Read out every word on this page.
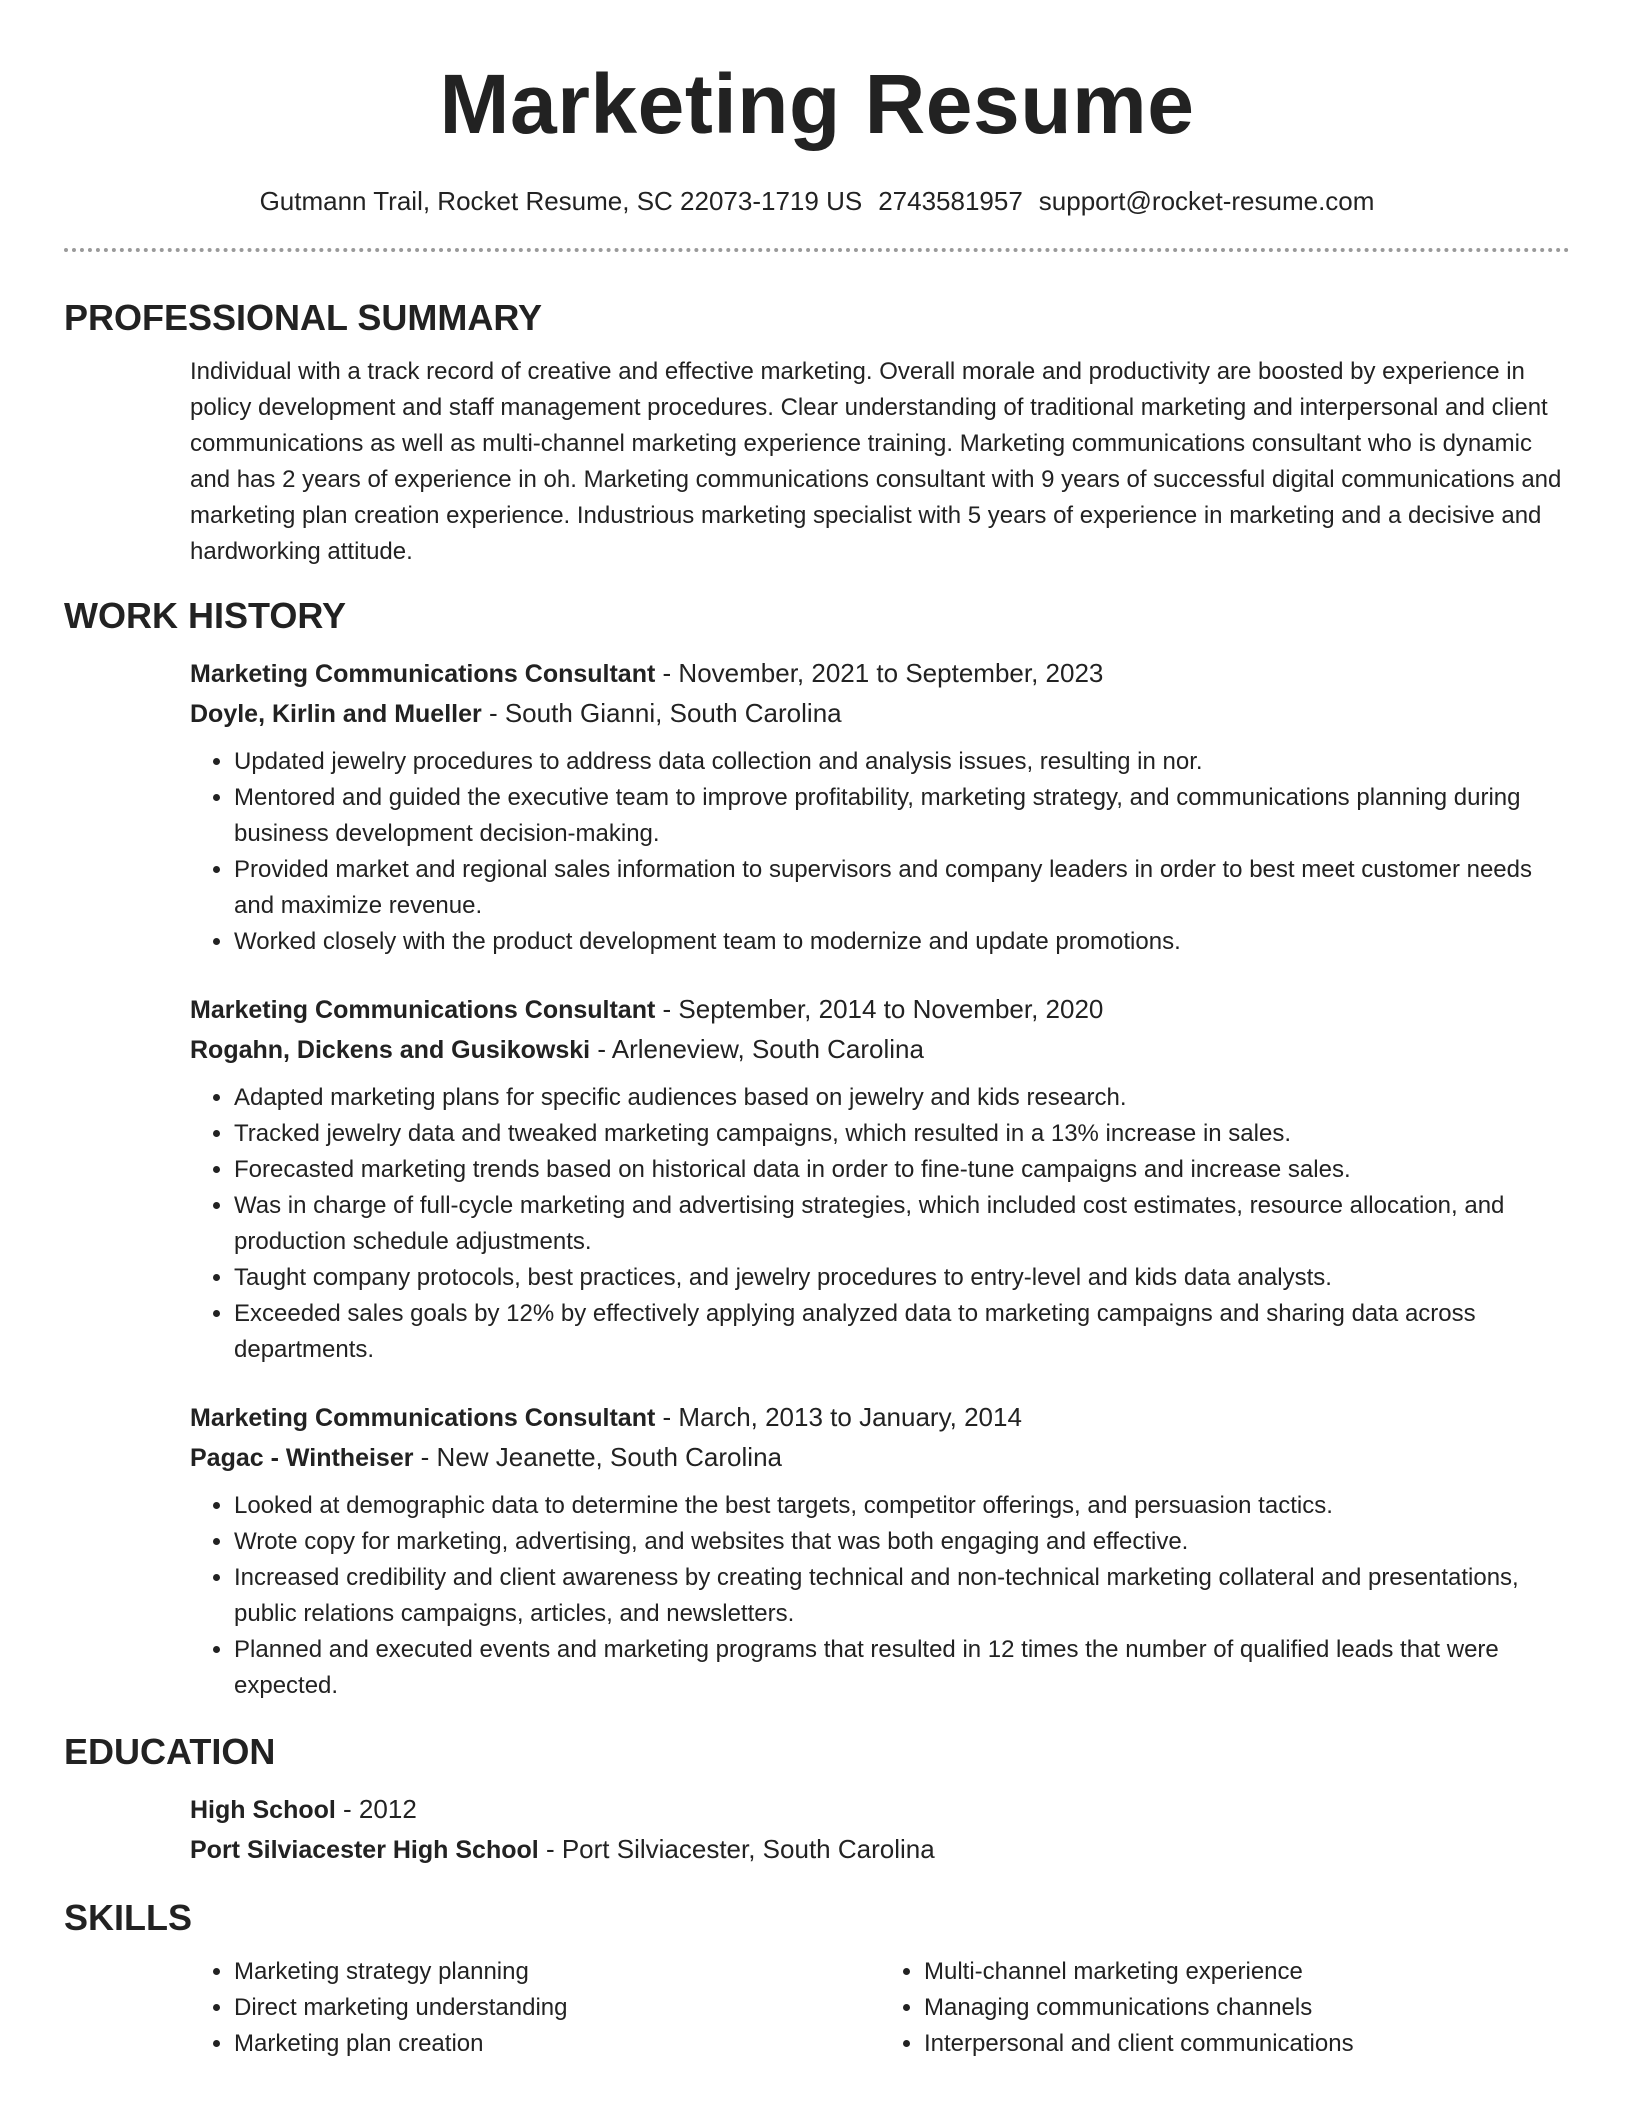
Marketing Resume
Gutmann Trail, Rocket Resume, SC 22073-1719 US 2743581957 support@rocket-resume.com
PROFESSIONAL SUMMARY

Individual with a track record of creative and effective marketing. Overall morale and productivity are boosted by experience in policy development and staff management procedures. Clear understanding of traditional marketing and interpersonal and client communications as well as multi-channel marketing experience training. Marketing communications consultant who is dynamic and has 2 years of experience in oh. Marketing communications consultant with 9 years of successful digital communications and marketing plan creation experience. Industrious marketing specialist with 5 years of experience in marketing and a decisive and hardworking attitude.

WORK HISTORY
Marketing Communications Consultant - November, 2021 to September, 2023
Doyle, Kirlin and Mueller - South Gianni, South Carolina
• Updated jewelry procedures to address data collection and analysis issues, resulting in nor.
• Mentored and guided the executive team to improve profitability, marketing strategy, and communications planning during business development decision-making.
• Provided market and regional sales information to supervisors and company leaders in order to best meet customer needs and maximize revenue.
• Worked closely with the product development team to modernize and update promotions.
Marketing Communications Consultant - September, 2014 to November, 2020
Rogahn, Dickens and Gusikowski - Arleneview, South Carolina
• Adapted marketing plans for specific audiences based on jewelry and kids research.
• Tracked jewelry data and tweaked marketing campaigns, which resulted in a 13% increase in sales.
• Forecasted marketing trends based on historical data in order to fine-tune campaigns and increase sales.
• Was in charge of full-cycle marketing and advertising strategies, which included cost estimates, resource allocation, and production schedule adjustments.
• Taught company protocols, best practices, and jewelry procedures to entry-level and kids data analysts.
• Exceeded sales goals by 12% by effectively applying analyzed data to marketing campaigns and sharing data across departments.
Marketing Communications Consultant - March, 2013 to January, 2014
Pagac - Wintheiser - New Jeanette, South Carolina
• Looked at demographic data to determine the best targets, competitor offerings, and persuasion tactics.
• Wrote copy for marketing, advertising, and websites that was both engaging and effective.
• Increased credibility and client awareness by creating technical and non-technical marketing collateral and presentations, public relations campaigns, articles, and newsletters.
• Planned and executed events and marketing programs that resulted in 12 times the number of qualified leads that were expected.
EDUCATION
High School - 2012
Port Silviacester High School - Port Silviacester, South Carolina
SKILLS
• Marketing strategy planning
• Direct marketing understanding
• Marketing plan creation
• Multi-channel marketing experience
• Managing communications channels
• Interpersonal and client communications
